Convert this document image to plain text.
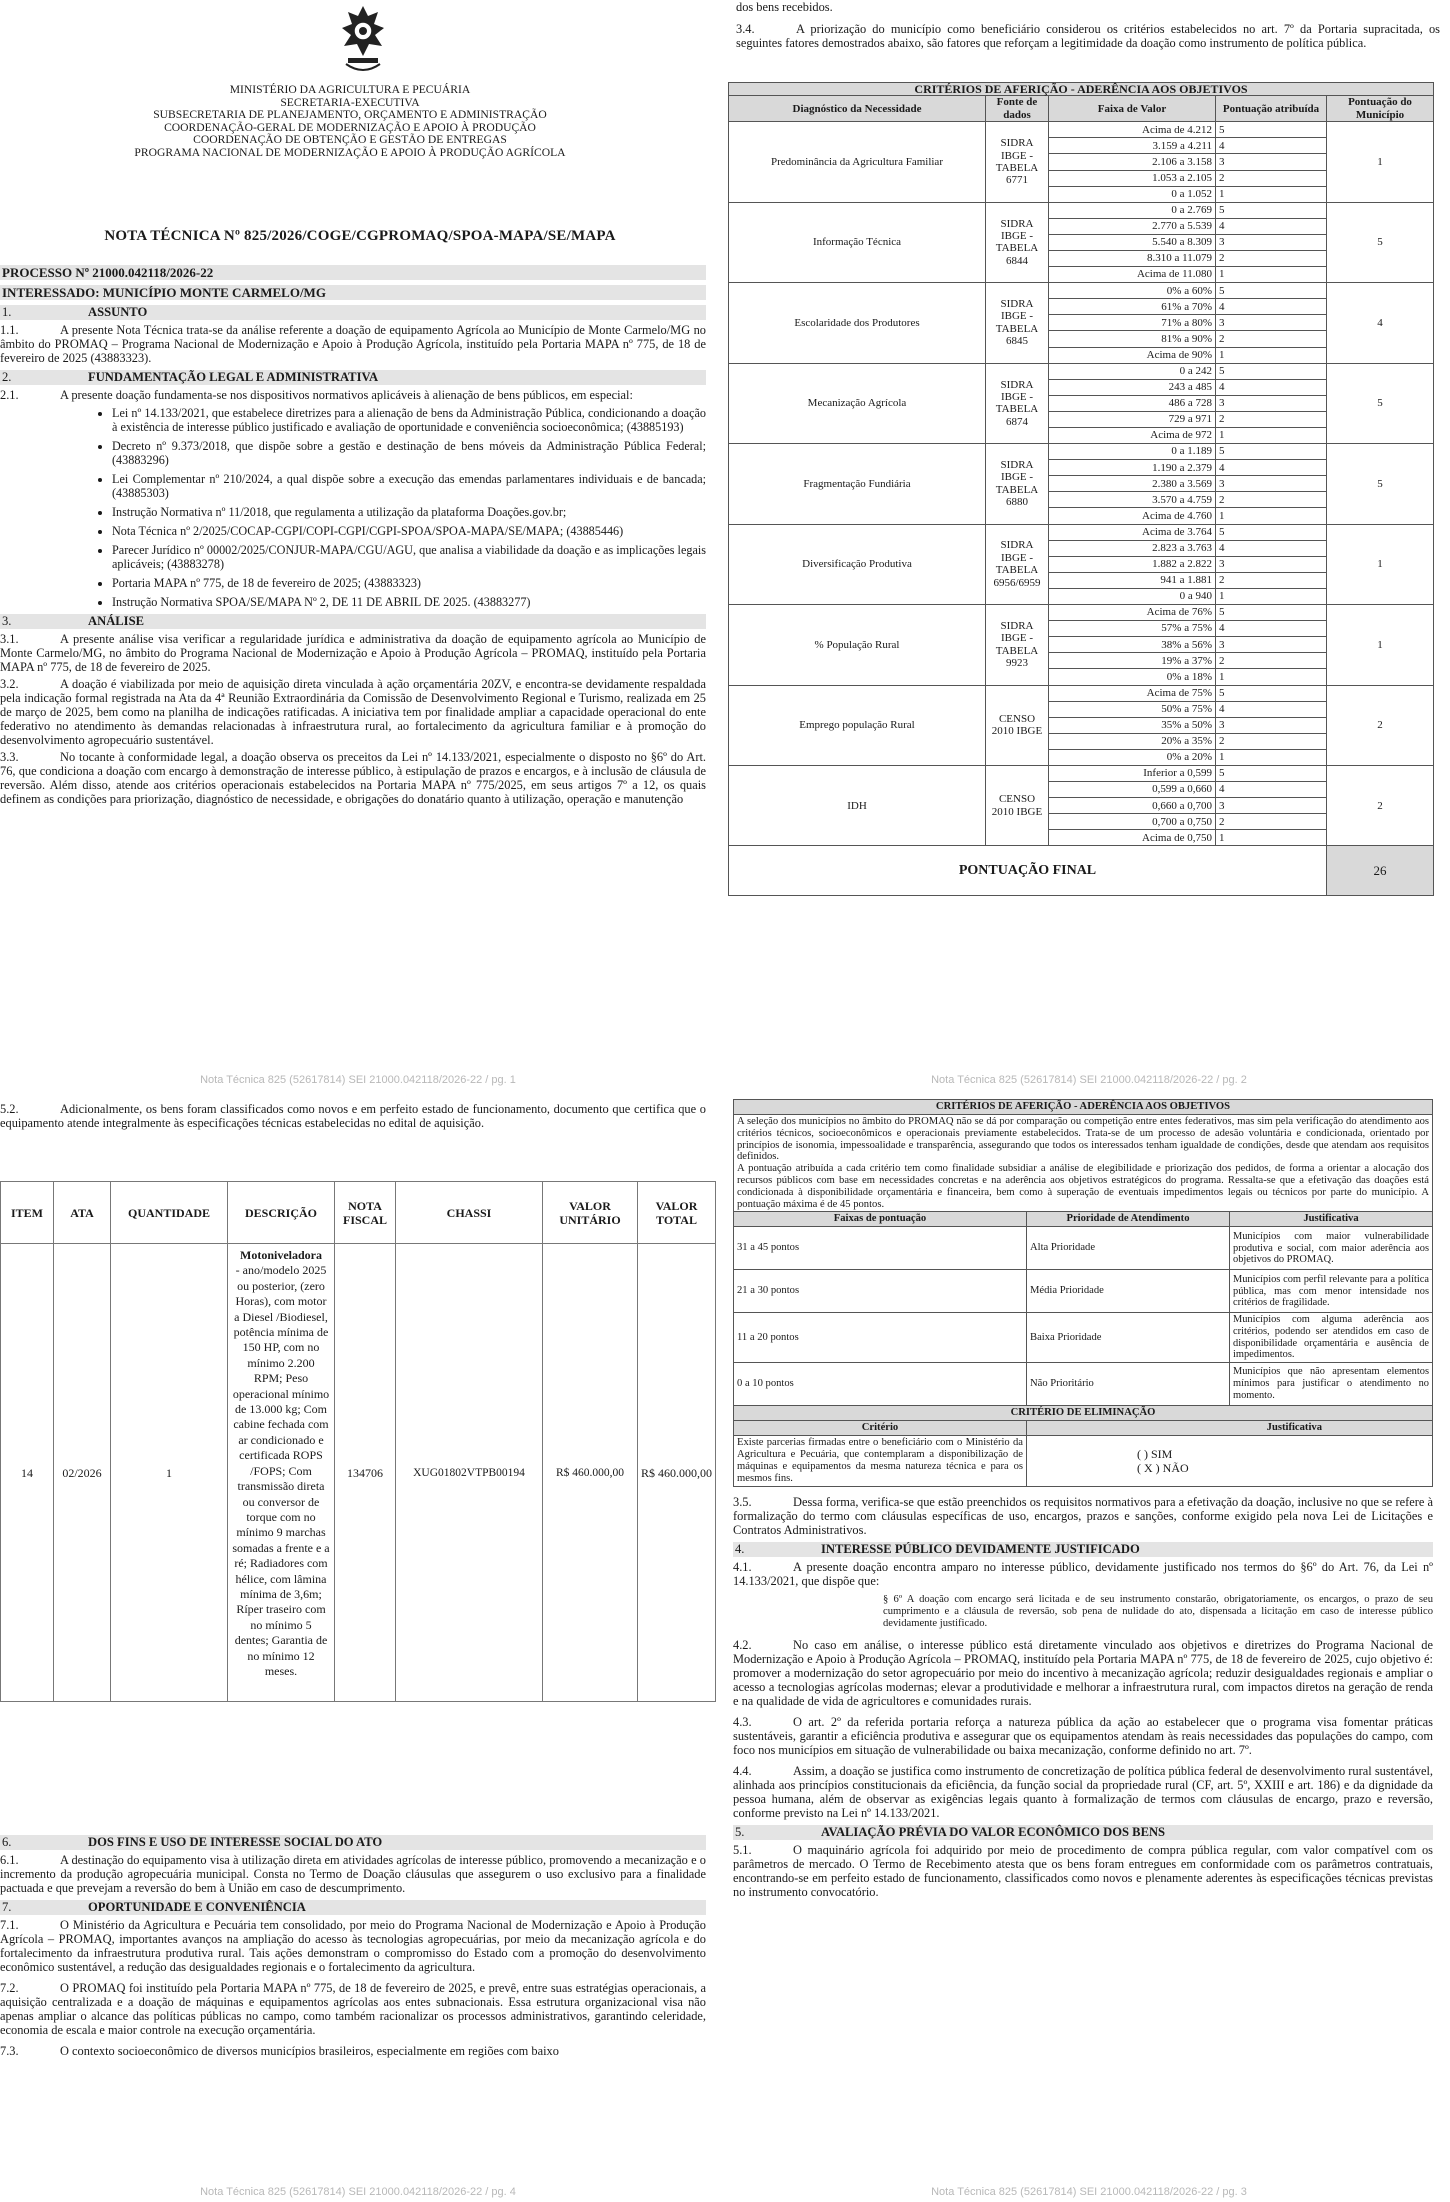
MINISTÉRIO DA AGRICULTURA E PECUÁRIA
SECRETARIA-EXECUTIVA
SUBSECRETARIA DE PLANEJAMENTO, ORÇAMENTO E ADMINISTRAÇÃO
COORDENAÇÃO-GERAL DE MODERNIZAÇÃO E APOIO À PRODUÇÃO
COORDENAÇÃO DE OBTENÇÃO E GESTÃO DE ENTREGAS
PROGRAMA NACIONAL DE MODERNIZAÇÃO E APOIO À PRODUÇÃO AGRÍCOLA
NOTA TÉCNICA Nº 825/2026/COGE/CGPROMAQ/SPOA-MAPA/SE/MAPA
PROCESSO Nº 21000.042118/2026-22
INTERESSADO: MUNICÍPIO MONTE CARMELO/MG
1.	ASSUNTO

1.1.	A presente Nota Técnica trata-se da análise referente a doação de equipamento Agrícola ao Município de Monte Carmelo/MG no âmbito do PROMAQ – Programa Nacional de Modernização e Apoio à Produção Agrícola, instituído pela Portaria MAPA nº 775, de 18 de fevereiro de 2025 (43883323).

2.	FUNDAMENTAÇÃO LEGAL E ADMINISTRATIVA

2.1.	A presente doação fundamenta-se nos dispositivos normativos aplicáveis à alienação de bens públicos, em especial:

• Lei nº 14.133/2021, que estabelece diretrizes para a alienação de bens da Administração Pública, condicionando a doação à existência de interesse público justificado e avaliação de oportunidade e conveniência socioeconômica; (43885193)
• Decreto nº 9.373/2018, que dispõe sobre a gestão e destinação de bens móveis da Administração Pública Federal; (43883296)
• Lei Complementar nº 210/2024, a qual dispõe sobre a execução das emendas parlamentares individuais e de bancada; (43885303)
• Instrução Normativa nº 11/2018, que regulamenta a utilização da plataforma Doações.gov.br;
• Nota Técnica nº 2/2025/COCAP-CGPI/COPI-CGPI/CGPI-SPOA/SPOA-MAPA/SE/MAPA; (43885446)
• Parecer Jurídico nº 00002/2025/CONJUR-MAPA/CGU/AGU, que analisa a viabilidade da doação e as implicações legais aplicáveis; (43883278)
• Portaria MAPA nº 775, de 18 de fevereiro de 2025; (43883323)
• Instrução Normativa SPOA/SE/MAPA Nº 2, DE 11 DE ABRIL DE 2025. (43883277)
3.	ANÁLISE

3.1.	A presente análise visa verificar a regularidade jurídica e administrativa da doação de equipamento agrícola ao Município de Monte Carmelo/MG, no âmbito do Programa Nacional de Modernização e Apoio à Produção Agrícola – PROMAQ, instituído pela Portaria MAPA nº 775, de 18 de fevereiro de 2025.

3.2.	A doação é viabilizada por meio de aquisição direta vinculada à ação orçamentária 20ZV, e encontra-se devidamente respaldada pela indicação formal registrada na Ata da 4ª Reunião Extraordinária da Comissão de Desenvolvimento Regional e Turismo, realizada em 25 de março de 2025, bem como na planilha de indicações ratificadas. A iniciativa tem por finalidade ampliar a capacidade operacional do ente federativo no atendimento às demandas relacionadas à infraestrutura rural, ao fortalecimento da agricultura familiar e à promoção do desenvolvimento agropecuário sustentável.

3.3.	No tocante à conformidade legal, a doação observa os preceitos da Lei nº 14.133/2021, especialmente o disposto no §6º do Art. 76, que condiciona a doação com encargo à demonstração de interesse público, à estipulação de prazos e encargos, e à inclusão de cláusula de reversão. Além disso, atende aos critérios operacionais estabelecidos na Portaria MAPA nº 775/2025, em seus artigos 7º a 12, os quais definem as condições para priorização, diagnóstico de necessidade, e obrigações do donatário quanto à utilização, operação e manutenção

Nota Técnica 825 (52617814) SEI 21000.042118/2026-22 / pg. 1

dos bens recebidos.

3.4.	A priorização do município como beneficiário considerou os critérios estabelecidos no art. 7º da Portaria supracitada, os seguintes fatores demostrados abaixo, são fatores que reforçam a legitimidade da doação como instrumento de política pública.

CRITÉRIOS DE AFERIÇÃO - ADERÊNCIA AOS OBJETIVOS				
Diagnóstico da Necessidade	Fonte de dados	Faixa de Valor	Pontuação atribuída	Pontuação do Município
Predominância da Agricultura Familiar	SIDRA IBGE - TABELA 6771	Acima de 4.212	5	1
		3.159 a 4.211	4	
		2.106 a 3.158	3	
		1.053 a 2.105	2	
		0 a 1.052	1	
Informação Técnica	SIDRA IBGE - TABELA 6844	0 a 2.769	5	5
		2.770 a 5.539	4	
		5.540 a 8.309	3	
		8.310 a 11.079	2	
		Acima de 11.080	1	
Escolaridade dos Produtores	SIDRA IBGE - TABELA 6845	0% a 60%	5	4
		61% a 70%	4	
		71% a 80%	3	
		81% a 90%	2	
		Acima de 90%	1	
Mecanização Agrícola	SIDRA IBGE - TABELA 6874	0 a 242	5	5
		243 a 485	4	
		486 a 728	3	
		729 a 971	2	
		Acima de 972	1	
Fragmentação Fundiária	SIDRA IBGE - TABELA 6880	0 a 1.189	5	5
		1.190 a 2.379	4	
		2.380 a 3.569	3	
		3.570 a 4.759	2	
		Acima de 4.760	1	
Diversificação Produtiva	SIDRA IBGE - TABELA 6956/6959	Acima de 3.764	5	1
		2.823 a 3.763	4	
		1.882 a 2.822	3	
		941 a 1.881	2	
		0 a 940	1	
% População Rural	SIDRA IBGE - TABELA 9923	Acima de 76%	5	1
		57% a 75%	4	
		38% a 56%	3	
		19% a 37%	2	
		0% a 18%	1	
Emprego população Rural	CENSO 2010 IBGE	Acima de 75%	5	2
		50% a 75%	4	
		35% a 50%	3	
		20% a 35%	2	
		0% a 20%	1	
IDH	CENSO 2010 IBGE	Inferior a 0,599	5	2
		0,599 a 0,660	4	
		0,660 a 0,700	3	
		0,700 a 0,750	2	
		Acima de 0,750	1	
PONTUAÇÃO FINAL				26
Nota Técnica 825 (52617814) SEI 21000.042118/2026-22 / pg. 2

5.2.	Adicionalmente, os bens foram classificados como novos e em perfeito estado de funcionamento, documento que certifica que o equipamento atende integralmente às especificações técnicas estabelecidas no edital de aquisição.

ITEM	ATA	QUANTIDADE	DESCRIÇÃO	NOTA FISCAL	CHASSI	VALOR UNITÁRIO	VALOR TOTAL
14	02/2026	1	Motoniveladora
- ano/modelo 2025 ou posterior, (zero Horas), com motor a Diesel /Biodiesel, potência mínima de 150 HP, com no mínimo 2.200 RPM; Peso operacional mínimo de 13.000 kg; Com cabine fechada com ar condicionado e certificada ROPS /FOPS; Com transmissão direta ou conversor de torque com no mínimo 9 marchas somadas a frente e a ré; Radiadores com hélice, com lâmina mínima de 3,6m; Ríper traseiro com no mínimo 5 dentes; Garantia de no mínimo 12 meses.	134706	XUG01802VTPB00194	R$ 460.000,00	R$ 460.000,00
6.	DOS FINS E USO DE INTERESSE SOCIAL DO ATO

6.1.	A destinação do equipamento visa à utilização direta em atividades agrícolas de interesse público, promovendo a mecanização e o incremento da produção agropecuária municipal. Consta no Termo de Doação cláusulas que assegurem o uso exclusivo para a finalidade pactuada e que prevejam a reversão do bem à União em caso de descumprimento.

7.	OPORTUNIDADE E CONVENIÊNCIA

7.1.	O Ministério da Agricultura e Pecuária tem consolidado, por meio do Programa Nacional de Modernização e Apoio à Produção Agrícola – PROMAQ, importantes avanços na ampliação do acesso às tecnologias agropecuárias, por meio da mecanização agrícola e do fortalecimento da infraestrutura produtiva rural. Tais ações demonstram o compromisso do Estado com a promoção do desenvolvimento econômico sustentável, a redução das desigualdades regionais e o fortalecimento da agricultura.

7.2.	O PROMAQ foi instituído pela Portaria MAPA nº 775, de 18 de fevereiro de 2025, e prevê, entre suas estratégias operacionais, a aquisição centralizada e a doação de máquinas e equipamentos agrícolas aos entes subnacionais. Essa estrutura organizacional visa não apenas ampliar o alcance das políticas públicas no campo, como também racionalizar os processos administrativos, garantindo celeridade, economia de escala e maior controle na execução orçamentária.

7.3.	O contexto socioeconômico de diversos municípios brasileiros, especialmente em regiões com baixo

Nota Técnica 825 (52617814) SEI 21000.042118/2026-22 / pg. 4
CRITÉRIOS DE AFERIÇÃO - ADERÊNCIA AOS OBJETIVOS		
A seleção dos municípios no âmbito do PROMAQ não se dá por comparação ou competição entre entes federativos, mas sim pela verificação do atendimento aos critérios técnicos, socioeconômicos e operacionais previamente estabelecidos. Trata-se de um processo de adesão voluntária e condicionada, orientado por princípios de isonomia, impessoalidade e transparência, assegurando que todos os interessados tenham igualdade de condições, desde que atendam aos requisitos definidos.
A pontuação atribuída a cada critério tem como finalidade subsidiar a análise de elegibilidade e priorização dos pedidos, de forma a orientar a alocação dos recursos públicos com base em necessidades concretas e na aderência aos objetivos estratégicos do programa. Ressalta-se que a efetivação das doações está condicionada à disponibilidade orçamentária e financeira, bem como à superação de eventuais impedimentos legais ou técnicos por parte do município. A pontuação máxima é de 45 pontos.		
Faixas de pontuação	Prioridade de Atendimento	Justificativa
31 a 45 pontos	Alta Prioridade	Municípios com maior vulnerabilidade produtiva e social, com maior aderência aos objetivos do PROMAQ.
21 a 30 pontos	Média Prioridade	Municípios com perfil relevante para a política pública, mas com menor intensidade nos critérios de fragilidade.
11 a 20 pontos	Baixa Prioridade	Municípios com alguma aderência aos critérios, podendo ser atendidos em caso de disponibilidade orçamentária e ausência de impedimentos.
0 a 10 pontos	Não Prioritário	Municípios que não apresentam elementos mínimos para justificar o atendimento no momento.
CRITÉRIO DE ELIMINAÇÃO		
Critério	Justificativa	
Existe parcerias firmadas entre o beneficiário com o Ministério da Agricultura e Pecuária, que contemplaram a disponibilização de máquinas e equipamentos da mesma natureza técnica e para os mesmos fins.	( ) SIM
( X ) NÃO	

3.5.	Dessa forma, verifica-se que estão preenchidos os requisitos normativos para a efetivação da doação, inclusive no que se refere à formalização do termo com cláusulas específicas de uso, encargos, prazos e sanções, conforme exigido pela nova Lei de Licitações e Contratos Administrativos.

4.	INTERESSE PÚBLICO DEVIDAMENTE JUSTIFICADO

4.1.	A presente doação encontra amparo no interesse público, devidamente justificado nos termos do §6º do Art. 76, da Lei nº 14.133/2021, que dispõe que:

§ 6º A doação com encargo será licitada e de seu instrumento constarão, obrigatoriamente, os encargos, o prazo de seu cumprimento e a cláusula de reversão, sob pena de nulidade do ato, dispensada a licitação em caso de interesse público devidamente justificado.

4.2.	No caso em análise, o interesse público está diretamente vinculado aos objetivos e diretrizes do Programa Nacional de Modernização e Apoio à Produção Agrícola – PROMAQ, instituído pela Portaria MAPA nº 775, de 18 de fevereiro de 2025, cujo objetivo é: promover a modernização do setor agropecuário por meio do incentivo à mecanização agrícola; reduzir desigualdades regionais e ampliar o acesso a tecnologias agrícolas modernas; elevar a produtividade e melhorar a infraestrutura rural, com impactos diretos na geração de renda e na qualidade de vida de agricultores e comunidades rurais.

4.3.	O art. 2º da referida portaria reforça a natureza pública da ação ao estabelecer que o programa visa fomentar práticas sustentáveis, garantir a eficiência produtiva e assegurar que os equipamentos atendam às reais necessidades das populações do campo, com foco nos municípios em situação de vulnerabilidade ou baixa mecanização, conforme definido no art. 7º.

4.4.	Assim, a doação se justifica como instrumento de concretização de política pública federal de desenvolvimento rural sustentável, alinhada aos princípios constitucionais da eficiência, da função social da propriedade rural (CF, art. 5º, XXIII e art. 186) e da dignidade da pessoa humana, além de observar as exigências legais quanto à formalização de termos com cláusulas de encargo, prazo e reversão, conforme previsto na Lei nº 14.133/2021.

5.	AVALIAÇÃO PRÉVIA DO VALOR ECONÔMICO DOS BENS

5.1.	O maquinário agrícola foi adquirido por meio de procedimento de compra pública regular, com valor compatível com os parâmetros de mercado. O Termo de Recebimento atesta que os bens foram entregues em conformidade com os parâmetros contratuais, encontrando-se em perfeito estado de funcionamento, classificados como novos e plenamente aderentes às especificações técnicas previstas no instrumento convocatório.

Nota Técnica 825 (52617814) SEI 21000.042118/2026-22 / pg. 3
